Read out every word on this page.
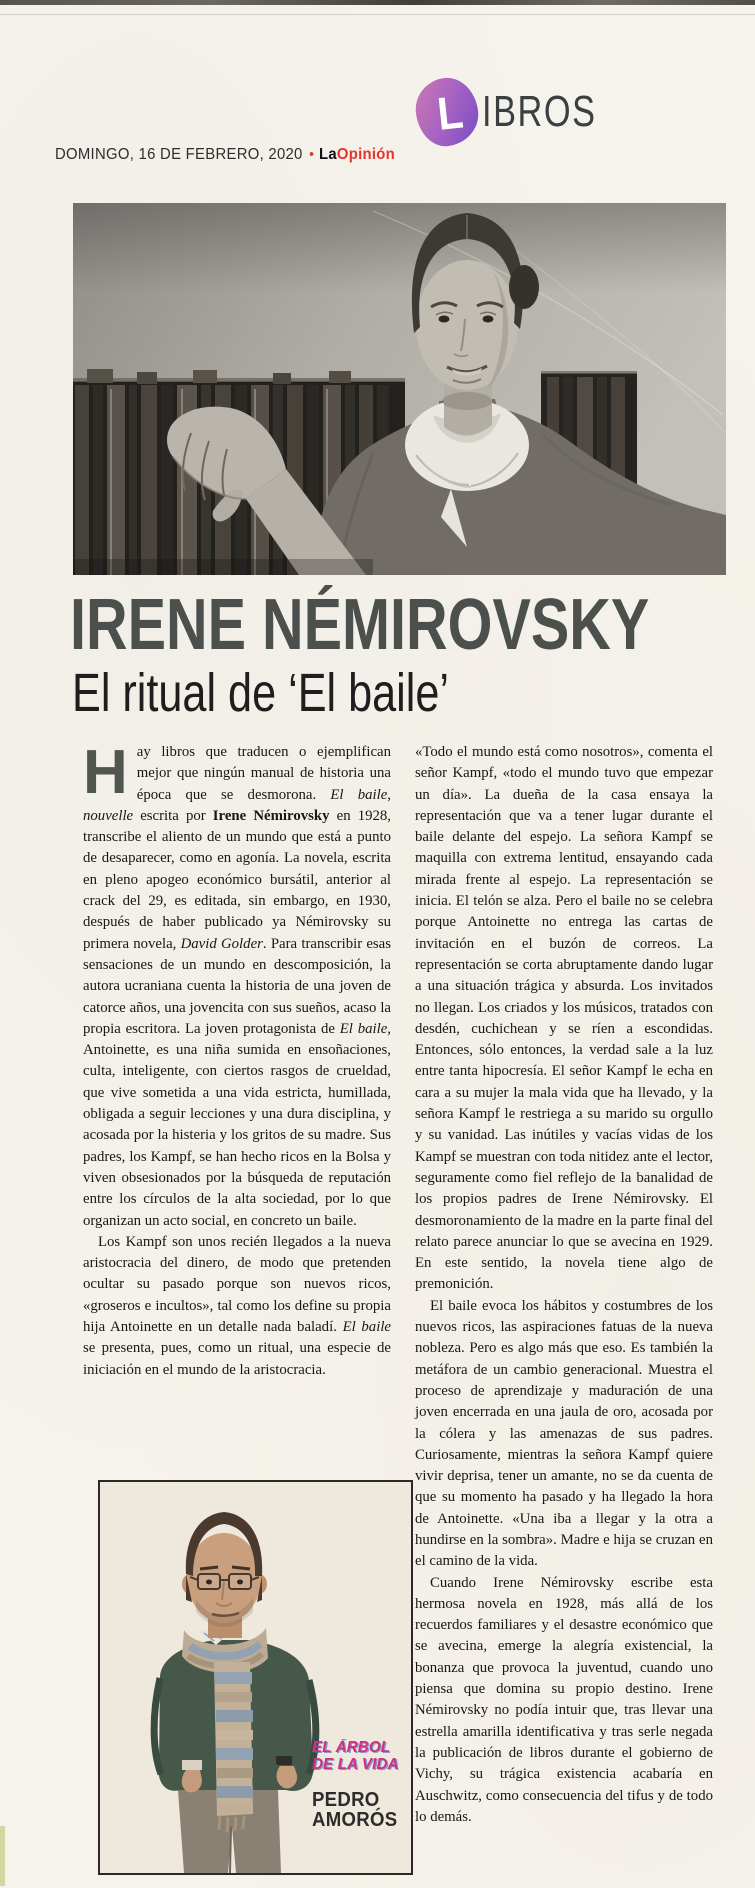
DOMINGO, 16 DE FEBRERO, 2020 • LaOpinión
L IBROS
IRENE NÉMIROVSKY
El ritual de ‘El baile’

Hay libros que traducen o ejemplifican mejor que ningún manual de historia una época que se desmorona. El baile, nouvelle escrita por Irene Némirovsky en 1928, transcribe el aliento de un mundo que está a punto de desaparecer, como en agonía. La novela, escrita en pleno apogeo económico bursátil, anterior al crack del 29, es editada, sin embargo, en 1930, después de haber publicado ya Némirovsky su primera novela, David Golder. Para transcribir esas sensaciones de un mundo en descomposición, la autora ucraniana cuenta la historia de una joven de catorce años, una jovencita con sus sueños, acaso la propia escritora. La joven protagonista de El baile, Antoinette, es una niña sumida en ensoñaciones, culta, inteligente, con ciertos rasgos de crueldad, que vive sometida a una vida estricta, humillada, obligada a seguir lecciones y una dura disciplina, y acosada por la histeria y los gritos de su madre. Sus padres, los Kampf, se han hecho ricos en la Bolsa y viven obsesionados por la búsqueda de reputación entre los círculos de la alta sociedad, por lo que organizan un acto social, en concreto un baile.

Los Kampf son unos recién llegados a la nueva aristocracia del dinero, de modo que pretenden ocultar su pasado porque son nuevos ricos, «groseros e incultos», tal como los define su propia hija Antoinette en un detalle nada baladí. El baile se presenta, pues, como un ritual, una especie de iniciación en el mundo de la aristocracia.

«Todo el mundo está como nosotros», comenta el señor Kampf, «todo el mundo tuvo que empezar un día». La dueña de la casa ensaya la representación que va a tener lugar durante el baile delante del espejo. La señora Kampf se maquilla con extrema lentitud, ensayando cada mirada frente al espejo. La representación se inicia. El telón se alza. Pero el baile no se celebra porque Antoinette no entrega las cartas de invitación en el buzón de correos. La representación se corta abruptamente dando lugar a una situación trágica y absurda. Los invitados no llegan. Los criados y los músicos, tratados con desdén, cuchichean y se ríen a escondidas. Entonces, sólo entonces, la verdad sale a la luz entre tanta hipocresía. El señor Kampf le echa en cara a su mujer la mala vida que ha llevado, y la señora Kampf le restriega a su marido su orgullo y su vanidad. Las inútiles y vacías vidas de los Kampf se muestran con toda nitidez ante el lector, seguramente como fiel reflejo de la banalidad de los propios padres de Irene Némirovsky. El desmoronamiento de la madre en la parte final del relato parece anunciar lo que se avecina en 1929. En este sentido, la novela tiene algo de premonición.

El baile evoca los hábitos y costumbres de los nuevos ricos, las aspiraciones fatuas de la nueva nobleza. Pero es algo más que eso. Es también la metáfora de un cambio generacional. Muestra el proceso de aprendizaje y maduración de una joven encerrada en una jaula de oro, acosada por la cólera y las amenazas de sus padres. Curiosamente, mientras la señora Kampf quiere vivir deprisa, tener un amante, no se da cuenta de que su momento ha pasado y ha llegado la hora de Antoinette. «Una iba a llegar y la otra a hundirse en la sombra». Madre e hija se cruzan en el camino de la vida.

Cuando Irene Némirovsky escribe esta hermosa novela en 1928, más allá de los recuerdos familiares y el desastre económico que se avecina, emerge la alegría existencial, la bonanza que provoca la juventud, cuando uno piensa que domina su propio destino. Irene Némirovsky no podía intuir que, tras llevar una estrella amarilla identificativa y tras serle negada la publicación de libros durante el gobierno de Vichy, su trágica existencia acabaría en Auschwitz, como consecuencia del tifus y de todo lo demás.

EL ÁRBOL
DE LA VIDA
PEDRO
AMORÓS
